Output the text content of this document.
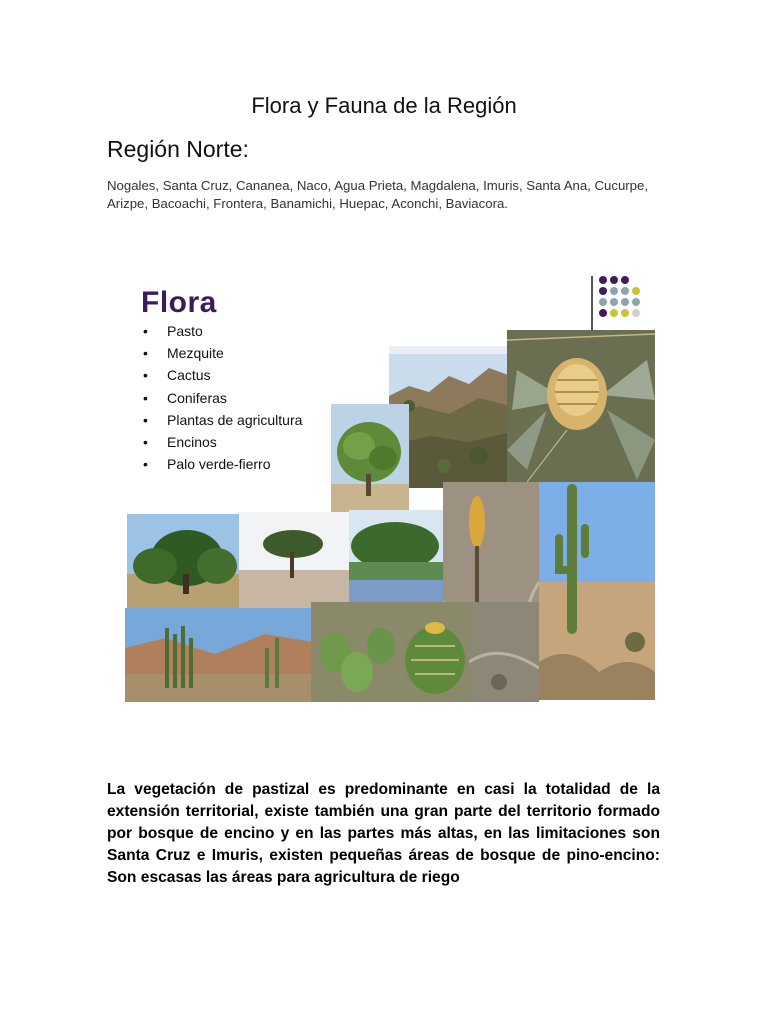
Flora y Fauna de la Región
Región Norte:
Nogales, Santa Cruz, Cananea, Naco, Agua Prieta, Magdalena, Imuris, Santa Ana, Cucurpe, Arizpe, Bacoachi, Frontera, Banamichi, Huepac, Aconchi, Baviacora.
Flora
• Pasto
• Mezquite
• Cactus
• Coniferas
• Plantas de agricultura
• Encinos
• Palo verde-fierro
La vegetación de pastizal es predominante en casi la totalidad de la extensión territorial, existe también una gran parte del territorio formado por bosque de encino y en las partes más altas, en las limitaciones son Santa Cruz e Imuris, existen pequeñas áreas de bosque de pino-encino: Son escasas las áreas para agricultura de riego
